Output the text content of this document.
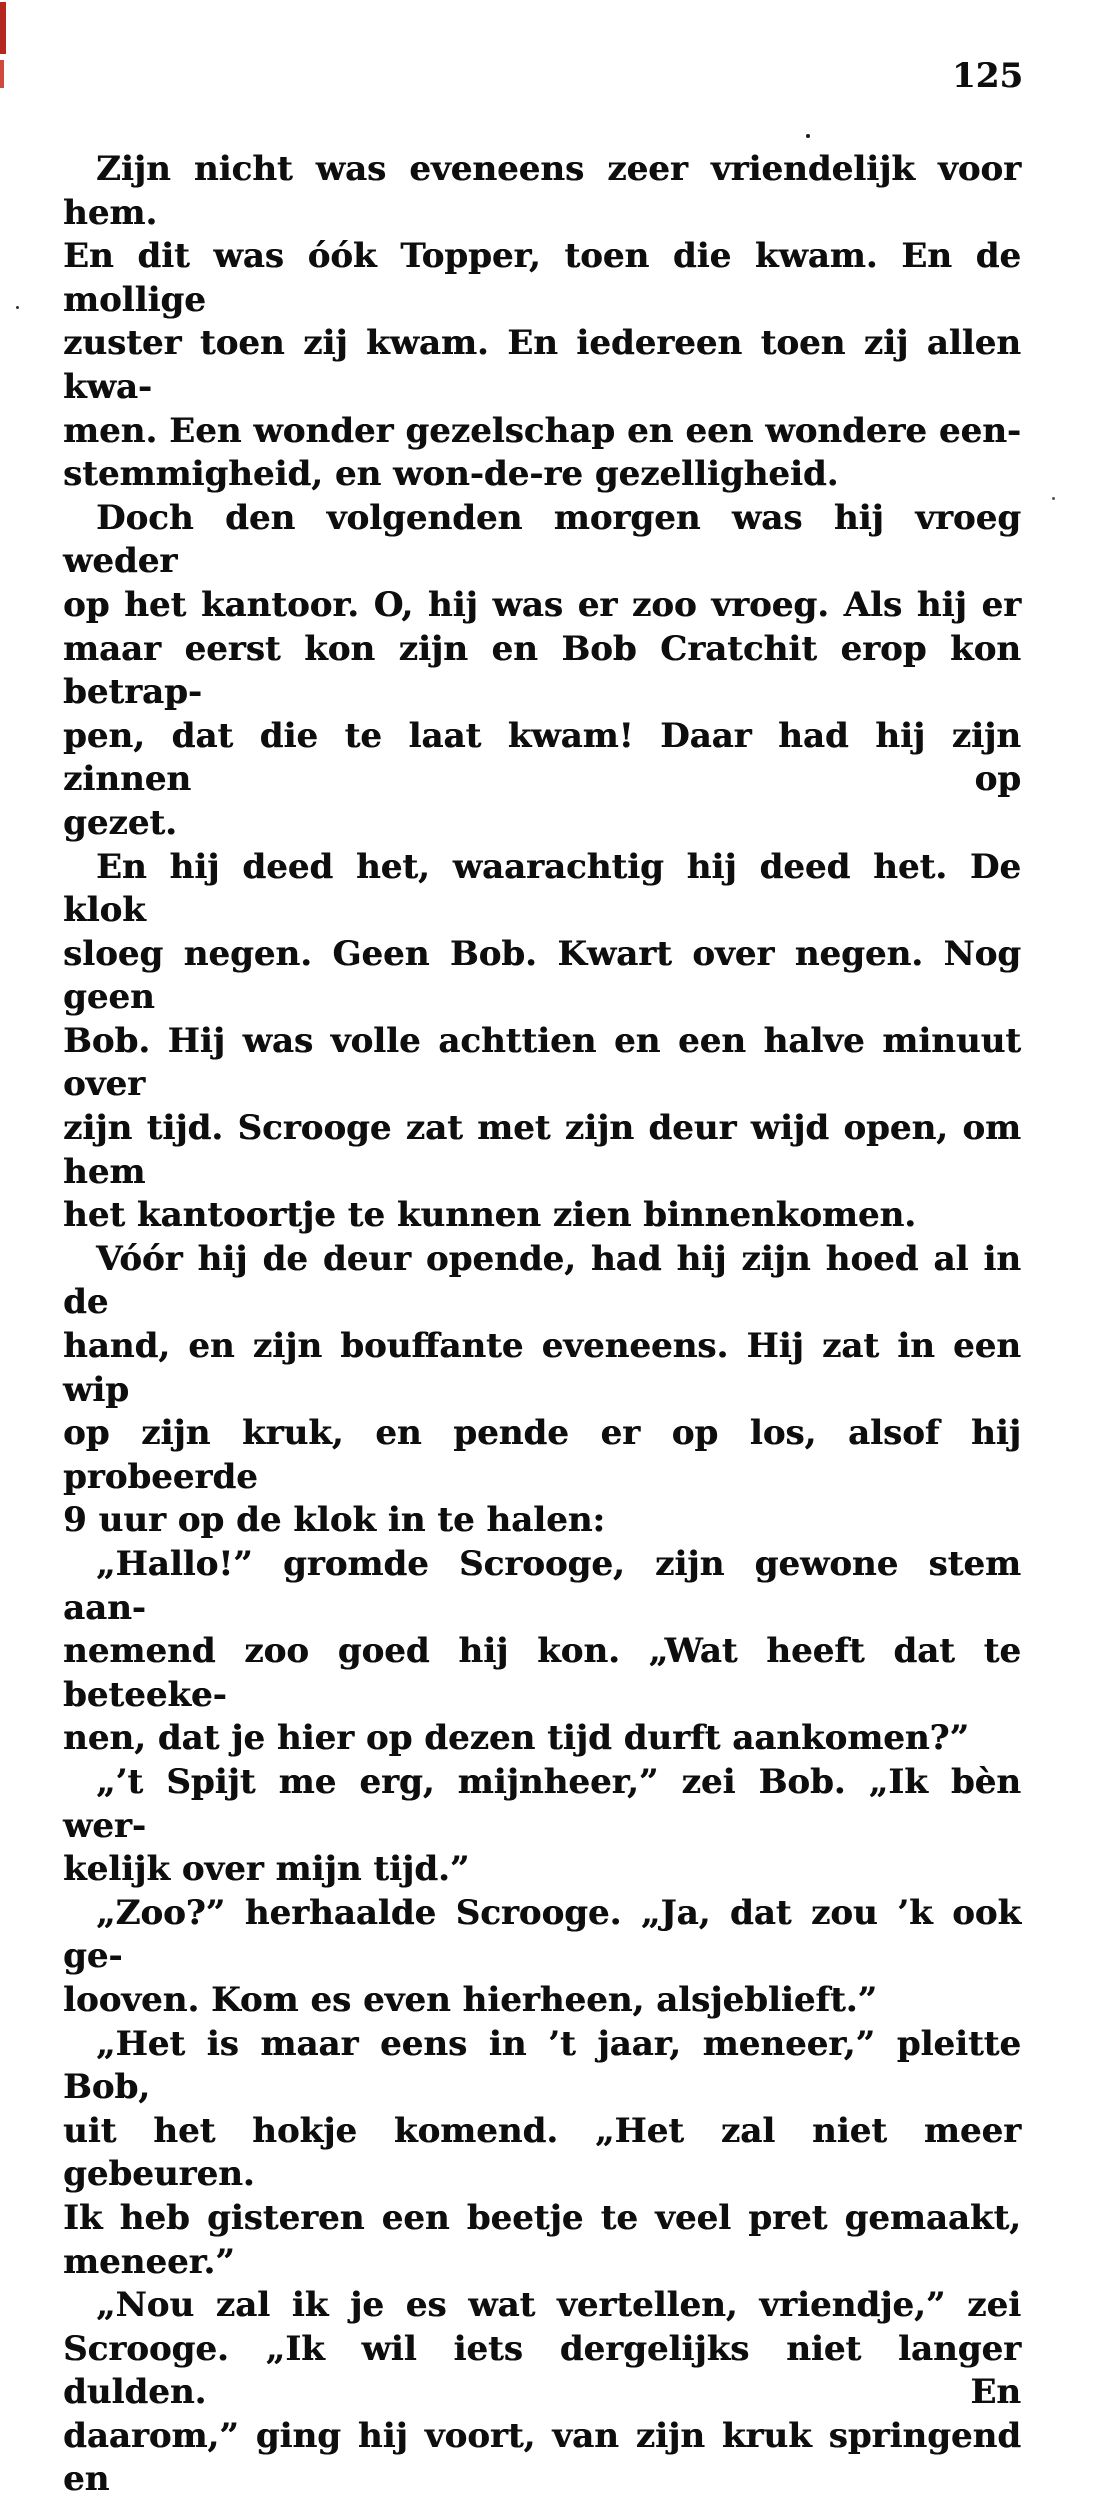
125
Zijn nicht was eveneens zeer vriendelijk voor hem.
En dit was óók Topper, toen die kwam. En de mollige
zuster toen zij kwam. En iedereen toen zij allen kwa-
men. Een wonder gezelschap en een wondere een-
stemmigheid, en won-de-re gezelligheid.
Doch den volgenden morgen was hij vroeg weder
op het kantoor. O, hij was er zoo vroeg. Als hij er
maar eerst kon zijn en Bob Cratchit erop kon betrap-
pen, dat die te laat kwam! Daar had hij zijn zinnen op
gezet.
En hij deed het, waarachtig hij deed het. De klok
sloeg negen. Geen Bob. Kwart over negen. Nog geen
Bob. Hij was volle achttien en een halve minuut over
zijn tijd. Scrooge zat met zijn deur wijd open, om hem
het kantoortje te kunnen zien binnenkomen.
Vóór hij de deur opende, had hij zijn hoed al in de
hand, en zijn bouffante eveneens. Hij zat in een wip
op zijn kruk, en pende er op los, alsof hij probeerde
9 uur op de klok in te halen:
„Hallo!” gromde Scrooge, zijn gewone stem aan-
nemend zoo goed hij kon. „Wat heeft dat te beteeke-
nen, dat je hier op dezen tijd durft aankomen?”
„’t Spijt me erg, mijnheer,” zei Bob. „Ik bèn wer-
kelijk over mijn tijd.”
„Zoo?” herhaalde Scrooge. „Ja, dat zou ’k ook ge-
looven. Kom es even hierheen, alsjeblieft.”
„Het is maar eens in ’t jaar, meneer,” pleitte Bob,
uit het hokje komend. „Het zal niet meer gebeuren.
Ik heb gisteren een beetje te veel pret gemaakt,
meneer.”
„Nou zal ik je es wat vertellen, vriendje,” zei
Scrooge. „Ik wil iets dergelijks niet langer dulden. En
daarom,” ging hij voort, van zijn kruk springend en
